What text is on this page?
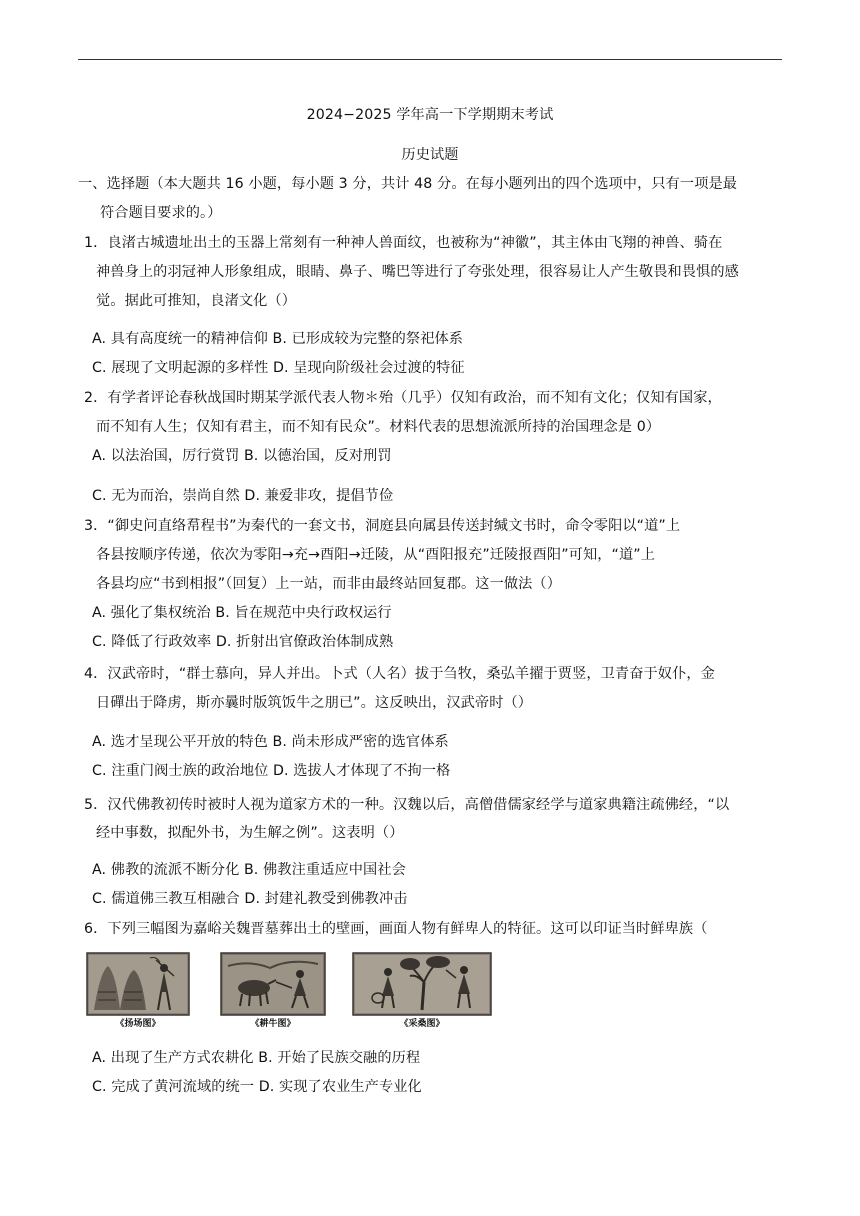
2024−2025 学年高一下学期期末考试
历史试题
一、选择题（本大题共 16 小题，每小题 3 分，共计 48 分。在每小题列出的四个选项中，只有一项是最
符合题目要求的。）
1．良渚古城遗址出土的玉器上常刻有一种神人兽面纹，也被称为“神徽”，其主体由飞翔的神兽、骑在
神兽身上的羽冠神人形象组成，眼睛、鼻子、嘴巴等进行了夸张处理，很容易让人产生敬畏和畏惧的感
觉。据此可推知，良渚文化（）
A. 具有高度统一的精神信仰 B. 已形成较为完整的祭祀体系
C. 展现了文明起源的多样性 D. 呈现向阶级社会过渡的特征
2．有学者评论春秋战国时期某学派代表人物＊殆（几乎）仅知有政治，而不知有文化；仅知有国家，
而不知有人生；仅知有君主，而不知有民众”。材料代表的思想流派所持的治国理念是 0）
A. 以法治国，厉行赏罚 B. 以德治国，反对刑罚
C. 无为而治，崇尚自然 D. 兼爱非攻，提倡节俭
3．“御史问直络帬程书”为秦代的一套文书，洞庭县向属县传送封缄文书时，命令零阳以“道”上
各县按顺序传递，依次为零阳→充→酉阳→迁陵，从“酉阳报充”迁陵报酉阳”可知，“道”上
各县均应“书到相报”（回复）上一站，而非由最终站回复郡。这一做法（）
A. 强化了集权统治 B. 旨在规范中央行政权运行
C. 降低了行政效率 D. 折射出官僚政治体制成熟
4．汉武帝时，“群士慕向，异人并出。卜式（人名）拔于刍牧，桑弘羊擢于贾竖，卫青奋于奴仆，金
日磾出于降虏，斯亦曩时版筑饭牛之朋已”。这反映出，汉武帝时（）
A. 选才呈现公平开放的特色 B. 尚未形成严密的选官体系
C. 注重门阀士族的政治地位 D. 选拔人才体现了不拘一格
5．汉代佛教初传时被时人视为道家方术的一种。汉魏以后，高僧借儒家经学与道家典籍注疏佛经，“以
经中事数，拟配外书，为生解之例”。这表明（）
A. 佛教的流派不断分化 B. 佛教注重适应中国社会
C. 儒道佛三教互相融合 D. 封建礼教受到佛教冲击
6．下列三幅图为嘉峪关魏晋墓葬出土的壁画，画面人物有鲜卑人的特征。这可以印证当时鲜卑族（
《扬场图》	《耕牛图》	《采桑图》
A. 出现了生产方式农耕化 B. 开始了民族交融的历程
C. 完成了黄河流域的统一 D. 实现了农业生产专业化
